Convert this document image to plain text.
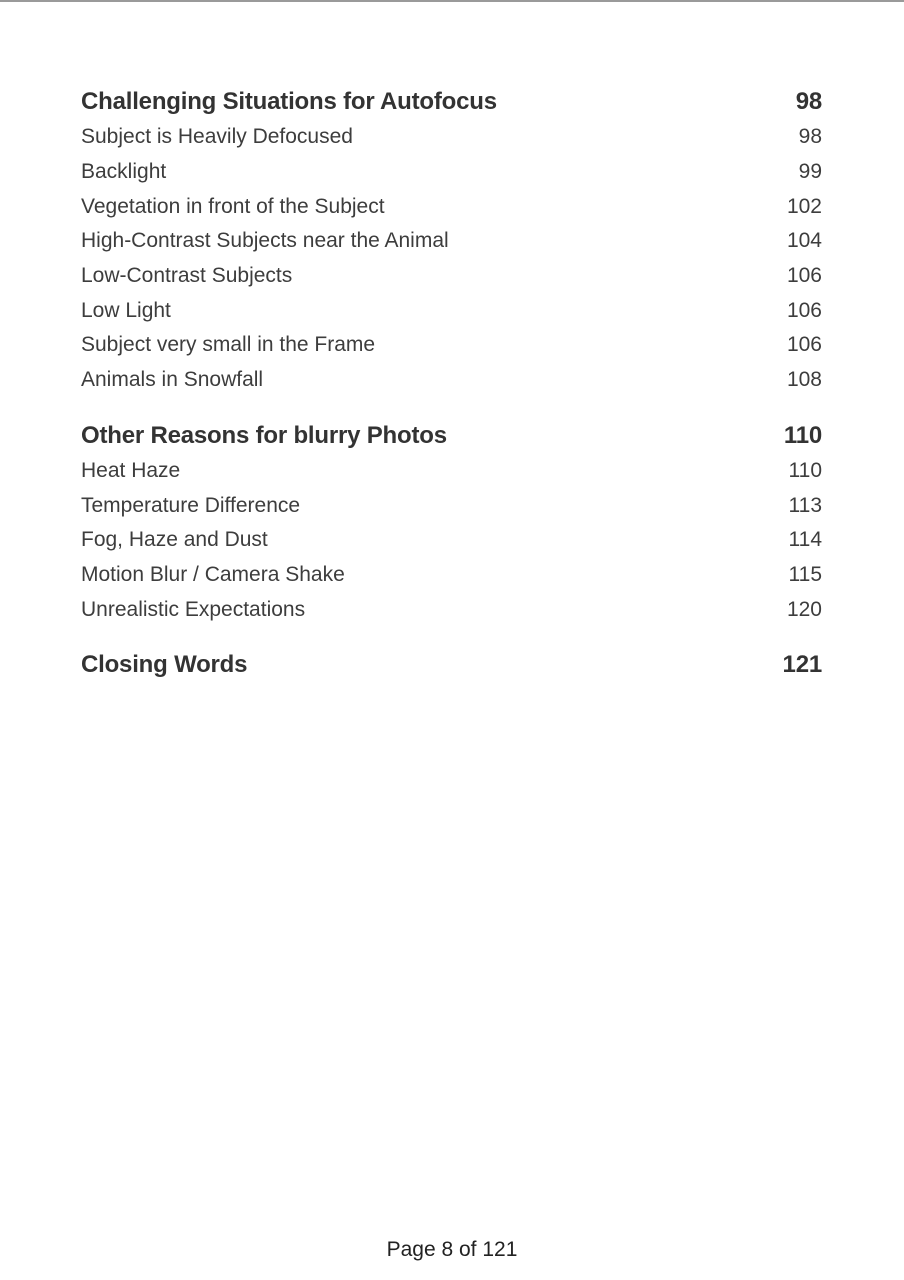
Challenging Situations for Autofocus	98
Subject is Heavily Defocused	98
Backlight	99
Vegetation in front of the Subject	102
High-Contrast Subjects near the Animal	104
Low-Contrast Subjects	106
Low Light	106
Subject very small in the Frame	106
Animals in Snowfall	108
Other Reasons for blurry Photos	110
Heat Haze	110
Temperature Difference	113
Fog, Haze and Dust	114
Motion Blur / Camera Shake	115
Unrealistic Expectations	120
Closing Words	121
Page 8 of 121
